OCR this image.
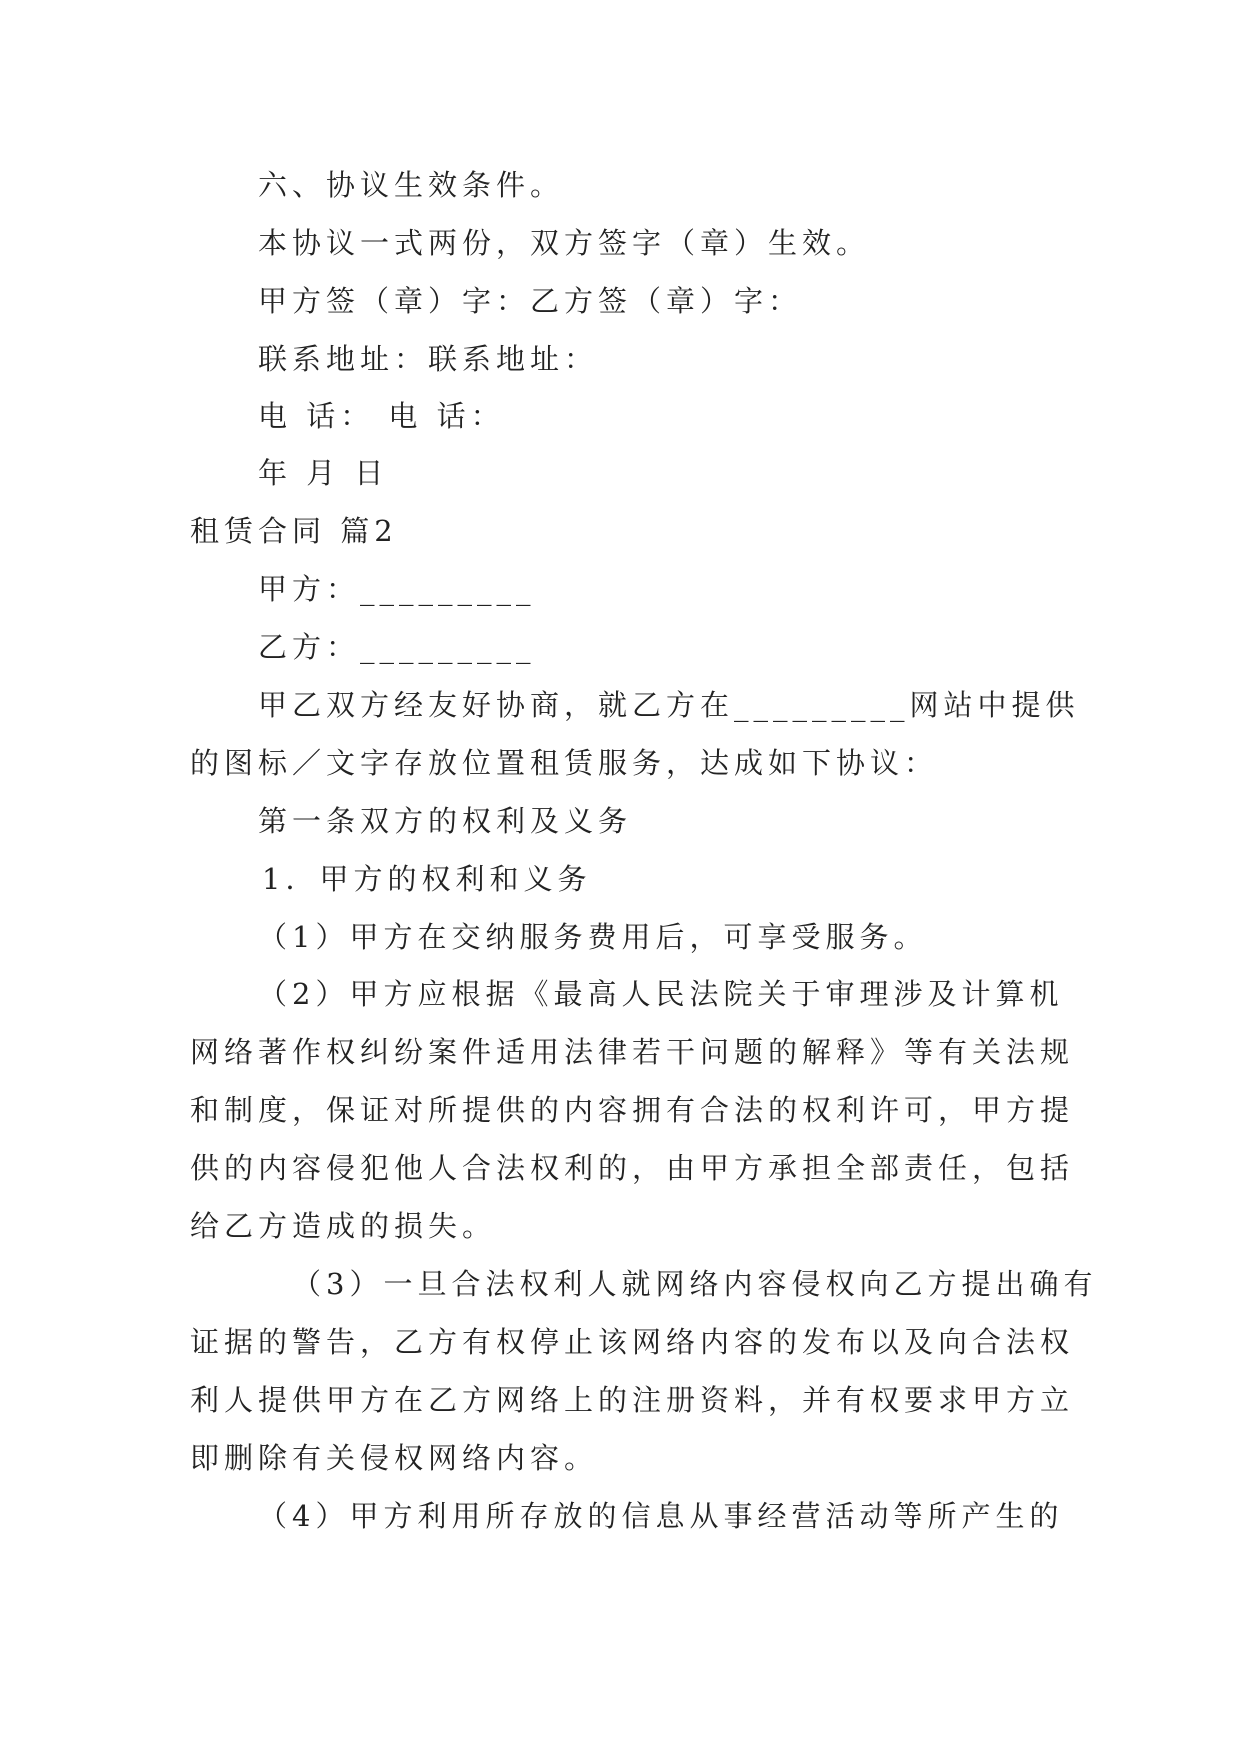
六、协议生效条件。
本协议一式两份，双方签字（章）生效。
甲方签（章）字：乙方签（章）字：
联系地址：联系地址：
电 话： 电 话：
年 月 日
租赁合同 篇2
甲方：_________
乙方：_________
甲乙双方经友好协商，就乙方在_________网站中提供
的图标／文字存放位置租赁服务，达成如下协议：
第一条双方的权利及义务
1．甲方的权利和义务
（1）甲方在交纳服务费用后，可享受服务。
（2）甲方应根据《最高人民法院关于审理涉及计算机
网络著作权纠纷案件适用法律若干问题的解释》等有关法规
和制度，保证对所提供的内容拥有合法的权利许可，甲方提
供的内容侵犯他人合法权利的，由甲方承担全部责任，包括
给乙方造成的损失。
（3）一旦合法权利人就网络内容侵权向乙方提出确有
证据的警告，乙方有权停止该网络内容的发布以及向合法权
利人提供甲方在乙方网络上的注册资料，并有权要求甲方立
即删除有关侵权网络内容。
（4）甲方利用所存放的信息从事经营活动等所产生的
